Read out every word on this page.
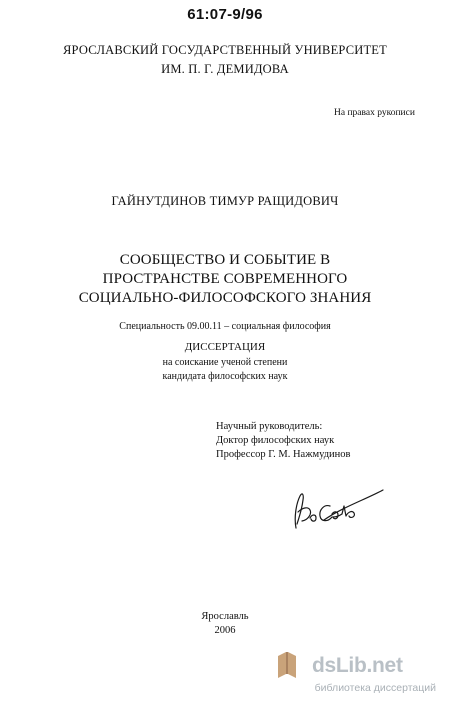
61:07-9/96
ЯРОСЛАВСКИЙ ГОСУДАРСТВЕННЫЙ УНИВЕРСИТЕТ
ИМ. П. Г. ДЕМИДОВА
На правах рукописи
ГАЙНУТДИНОВ ТИМУР РАЩИДОВИЧ
СООБЩЕСТВО И СОБЫТИЕ В
ПРОСТРАНСТВЕ СОВРЕМЕННОГО
СОЦИАЛЬНО-ФИЛОСОФСКОГО ЗНАНИЯ
Специальность 09.00.11 – социальная философия
ДИССЕРТАЦИЯ
на соискание ученой степени
кандидата философских наук
Научный руководитель:
Доктор философских наук
Профессор Г. М. Нажмудинов
Ярославль
2006
dsLib.net
библиотека диссертаций
